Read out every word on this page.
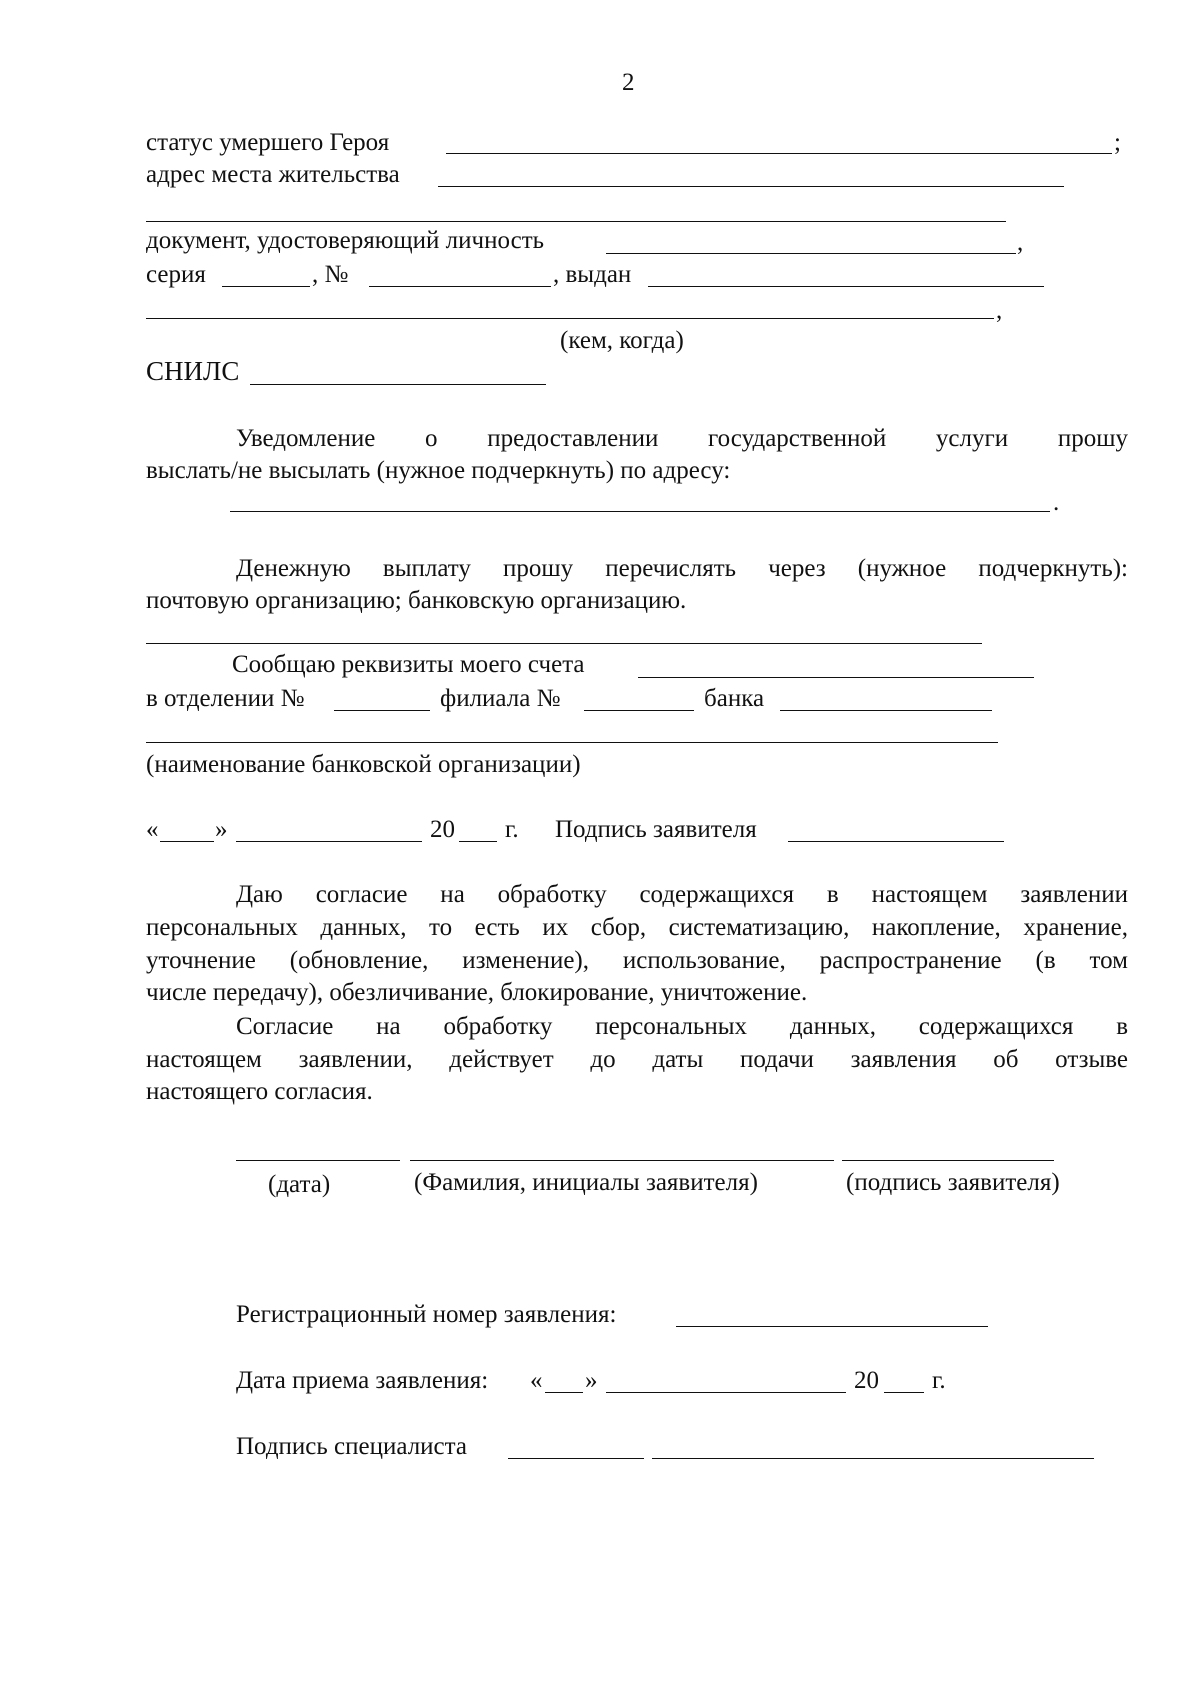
2
статус умершего Героя	;
адрес места жительства
документ, удостоверяющий личность	,
серия	, №	, выдан
,
(кем, когда)
СНИЛС
Уведомление о предоставлении государственной услуги прошу
выслать/не высылать (нужное подчеркнуть) по адресу:
.
Денежную выплату прошу перечислять через (нужное подчеркнуть):
почтовую организацию; банковскую организацию.
Сообщаю реквизиты моего счета
в отделении №	филиала №	банка
(наименование банковской организации)
« »	20 г. Подпись заявителя
Даю согласие на обработку содержащихся в настоящем заявлении
персональных данных, то есть их сбор, систематизацию, накопление, хранение,
уточнение (обновление, изменение), использование, распространение (в том
числе передачу), обезличивание, блокирование, уничтожение.
Согласие на обработку персональных данных, содержащихся в
настоящем заявлении, действует до даты подачи заявления об отзыве
настоящего согласия.
(дата)	(Фамилия, инициалы заявителя)	(подпись заявителя)
Регистрационный номер заявления:
Дата приема заявления: « »	20 г.
Подпись специалиста
